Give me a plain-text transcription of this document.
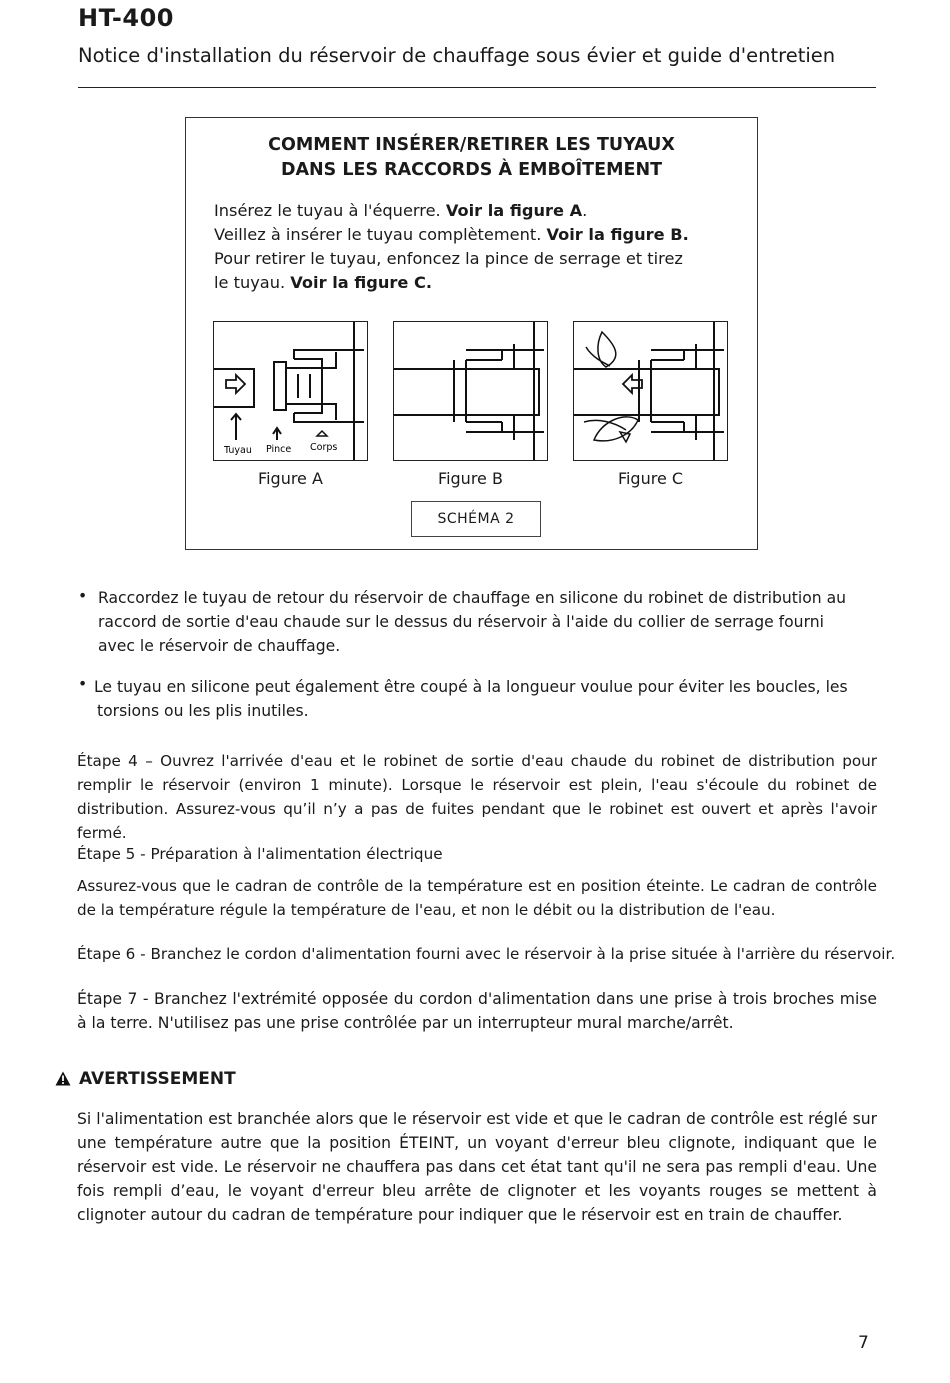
HT-400
Notice d'installation du réservoir de chauffage sous évier et guide d'entretien
COMMENT INSÉRER/RETIRER LES TUYAUX
DANS LES RACCORDS À EMBOÎTEMENT
Insérez le tuyau à l'équerre. Voir la figure A.
Veillez à insérer le tuyau complètement. Voir la figure B.
Pour retirer le tuyau, enfoncez la pince de serrage et tirez
le tuyau. Voir la figure C.
Tuyau Pince Corps
Figure A	Figure B	Figure C
SCHÉMA 2
• Raccordez le tuyau de retour du réservoir de chauffage en silicone du robinet de distribution au
raccord de sortie d'eau chaude sur le dessus du réservoir à l'aide du collier de serrage fourni
avec le réservoir de chauffage.
• Le tuyau en silicone peut également être coupé à la longueur voulue pour éviter les boucles, les
torsions ou les plis inutiles.
Étape 4 – Ouvrez l'arrivée d'eau et le robinet de sortie d'eau chaude du robinet de distribution pour remplir le réservoir (environ 1 minute). Lorsque le réservoir est plein, l'eau s'écoule du robinet de distribution. Assurez-vous qu’il n’y a pas de fuites pendant que le robinet est ouvert et après l'avoir fermé.
Étape 5 - Préparation à l'alimentation électrique
Assurez-vous que le cadran de contrôle de la température est en position éteinte. Le cadran de contrôle de la température régule la température de l'eau, et non le débit ou la distribution de l'eau.
Étape 6 - Branchez le cordon d'alimentation fourni avec le réservoir à la prise située à l'arrière du réservoir.
Étape 7 - Branchez l'extrémité opposée du cordon d'alimentation dans une prise à trois broches mise à la terre. N'utilisez pas une prise contrôlée par un interrupteur mural marche/arrêt.
AVERTISSEMENT
Si l'alimentation est branchée alors que le réservoir est vide et que le cadran de contrôle est réglé sur une température autre que la position ÉTEINT, un voyant d'erreur bleu clignote, indiquant que le réservoir est vide. Le réservoir ne chauffera pas dans cet état tant qu'il ne sera pas rempli d'eau. Une fois rempli d’eau, le voyant d'erreur bleu arrête de clignoter et les voyants rouges se mettent à clignoter autour du cadran de température pour indiquer que le réservoir est en train de chauffer.
7
